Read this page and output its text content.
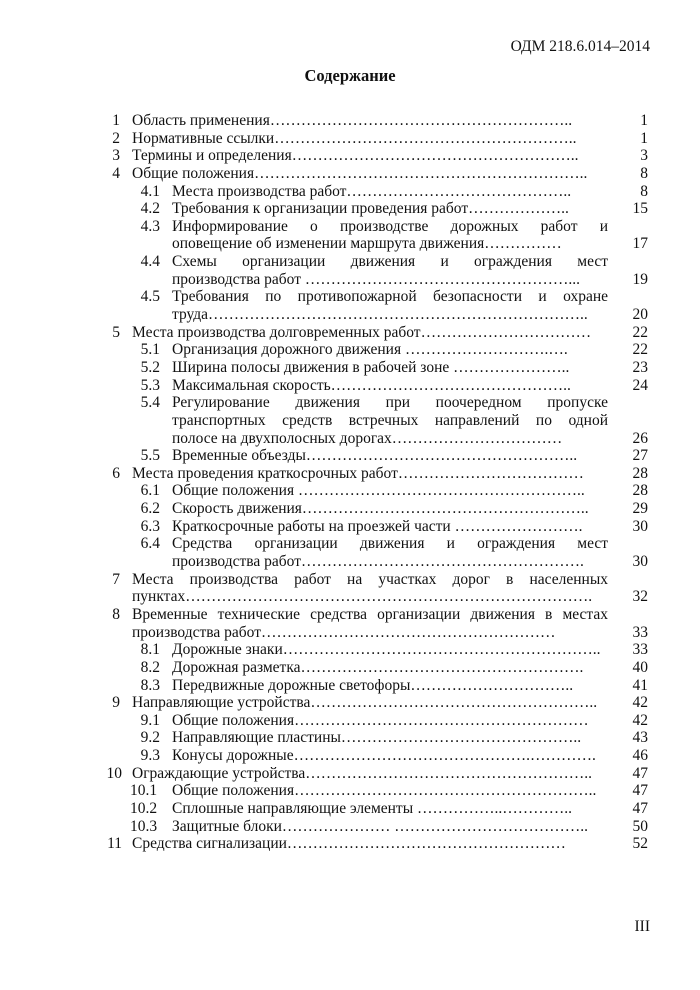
ОДМ 218.6.014–2014
Содержание
1 Область применения…………………………………………………..	1
2 Нормативные ссылки…………………………………………………..	1
3 Термины и определения………………………………………………..	3
4 Общие положения………………………………………………………..	8
4.1 Места производства работ……………………………………..	8
4.2 Требования к организации проведения работ………………..	15
4.3 Информирование о производстве дорожных работ и
оповещение об изменении маршрута движения……………	17
4.4 Схемы организации движения и ограждения мест
производства работ ……………………………………………...	19
4.5 Требования по противопожарной безопасности и охране
труда………………………………………………………………..	20
5 Места производства долговременных работ……………………………	22
5.1 Организация дорожного движения ……………………….….	22
5.2 Ширина полосы движения в рабочей зоне …………………..	23
5.3 Максимальная скорость………………………………………..	24
5.4 Регулирование движения при поочередном пропуске
транспортных средств встречных направлений по одной
полосе на двухполосных дорогах……………………………	26
5.5 Временные объезды……………………………………………..	27
6 Места проведения краткосрочных работ………………………………	28
6.1 Общие положения ………………………………………………..	28
6.2 Скорость движения………………………………………………..	29
6.3 Краткосрочные работы на проезжей части …………………….	30
6.4 Средства организации движения и ограждения мест
производства работ……………………………………………….	30
7 Места производства работ на участках дорог в населенных
пунктах…………………………………………………………………….	32
8 Временные технические средства организации движения в местах
производства работ…………………………………………………	33
8.1 Дорожные знаки……………………………………………………..	33
8.2 Дорожная разметка……………………………………………….	40
8.3 Передвижные дорожные светофоры…………………………..	41
9 Направляющие устройства………………………………………………..	42
9.1 Общие положения…………………………………………………	42
9.2 Направляющие пластины………………………………………..	43
9.3 Конусы дорожные……………………………………….………….	46
10 Ограждающие устройства………………………………………………..	47
10.1 Общие положения…………………………………………………..	47
10.2 Сплошные направляющие элементы ……………..…………..	47
10.3 Защитные блоки………………… ………………………………..	50
11 Средства сигнализации………………………………………………	52
III
